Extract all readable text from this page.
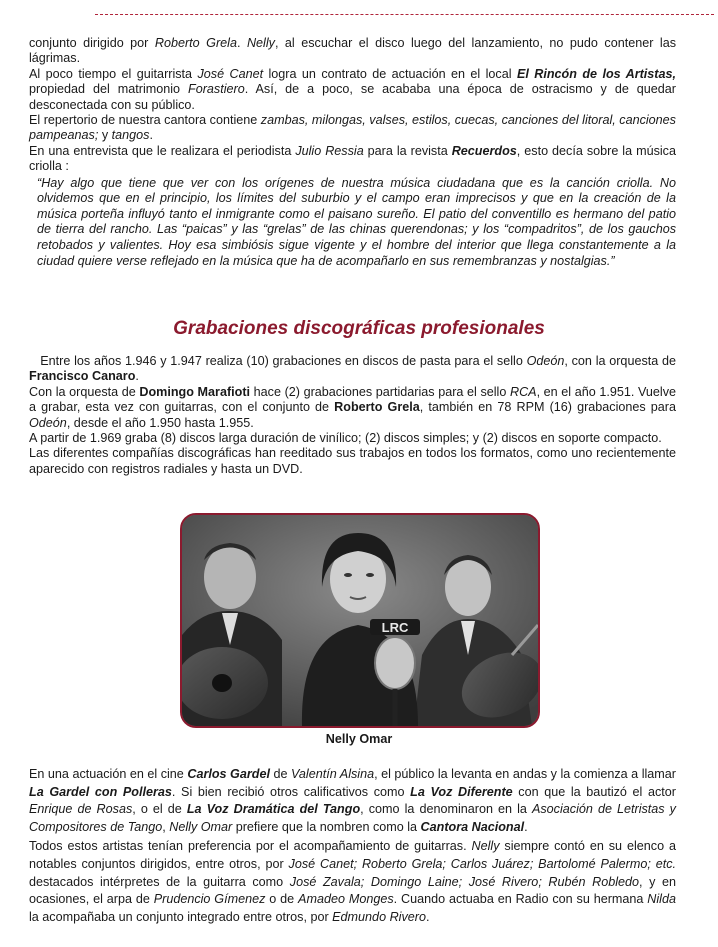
conjunto dirigido por Roberto Grela. Nelly, al escuchar el disco luego del lanzamiento, no pudo contener las lágrimas.

Al poco tiempo el guitarrista José Canet logra un contrato de actuación en el local El Rincón de los Artistas, propiedad del matrimonio Forastiero. Así, de a poco, se acababa una época de ostracismo y de quedar desconectada con su público.

El repertorio de nuestra cantora contiene zambas, milongas, valses, estilos, cuecas, canciones del litoral, canciones pampeanas; y tangos.

En una entrevista que le realizara el periodista Julio Ressia para la revista Recuerdos, esto decía sobre la música criolla :

“Hay algo que tiene que ver con los orígenes de nuestra música ciudadana que es la canción criolla. No olvidemos que en el principio, los límites del suburbio y el campo eran imprecisos y que en la creación de la música porteña influyó tanto el inmigrante como el paisano sureño. El patio del conventillo es hermano del patio de tierra del rancho. Las “paicas” y las “grelas” de las chinas querendonas; y los “compadritos”, de los gauchos retobados y valientes. Hoy esa simbiósis sigue vigente y el hombre del interior que llega constantemente a la ciudad quiere verse reflejado en la música que ha de acompañarlo en sus remembranzas y nostalgias.”

Grabaciones discográficas profesionales

Entre los años 1.946 y 1.947 realiza (10) grabaciones en discos de pasta para el sello Odeón, con la orquesta de Francisco Canaro.

Con la orquesta de Domingo Marafioti hace (2) grabaciones partidarias para el sello RCA, en el año 1.951. Vuelve a grabar, esta vez con guitarras, con el conjunto de Roberto Grela, también en 78 RPM (16) grabaciones para Odeón, desde el año 1.950 hasta 1.955.

A partir de 1.969 graba (8) discos larga duración de vinílico; (2) discos simples; y (2) discos en soporte compacto.

Las diferentes compañías discográficas han reeditado sus trabajos en todos los formatos, como uno recientemente aparecido con registros radiales y hasta un DVD.

LRC
Nelly Omar

En una actuación en el cine Carlos Gardel de Valentín Alsina, el público la levanta en andas y la comienza a llamar La Gardel con Polleras. Si bien recibió otros calificativos como La Voz Diferente con que la bautizó el actor Enrique de Rosas, o el de La Voz Dramática del Tango, como la denominaron en la Asociación de Letristas y Compositores de Tango, Nelly Omar prefiere que la nombren como la Cantora Nacional.

Todos estos artistas tenían preferencia por el acompañamiento de guitarras. Nelly siempre contó en su elenco a notables conjuntos dirigidos, entre otros, por José Canet; Roberto Grela; Carlos Juárez; Bartolomé Palermo; etc. destacados intérpretes de la guitarra como José Zavala; Domingo Laine; José Rivero; Rubén Robledo, y en ocasiones, el arpa de Prudencio Gímenez o de Amadeo Monges. Cuando actuaba en Radio con su hermana Nilda la acompañaba un conjunto integrado entre otros, por Edmundo Rivero.
